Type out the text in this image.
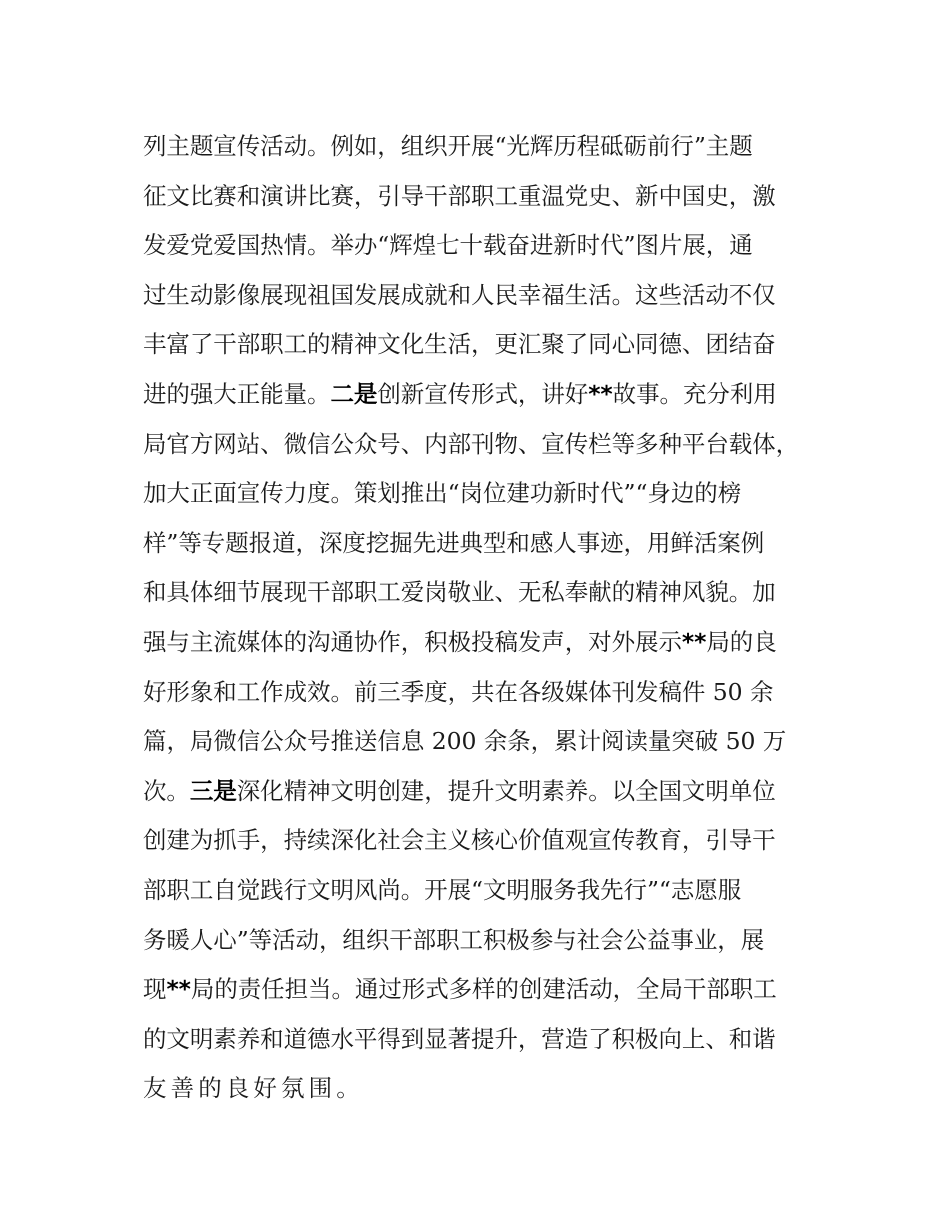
列主题宣传活动。例如，组织开展“光辉历程砥砺前行”主题
征文比赛和演讲比赛，引导干部职工重温党史、新中国史，激
发爱党爱国热情。举办“辉煌七十载奋进新时代”图片展，通
过生动影像展现祖国发展成就和人民幸福生活。这些活动不仅
丰富了干部职工的精神文化生活，更汇聚了同心同德、团结奋
进的强大正能量。二是创新宣传形式，讲好**故事。充分利用
局官方网站、微信公众号、内部刊物、宣传栏等多种平台载体，
加大正面宣传力度。策划推出“岗位建功新时代”“身边的榜
样”等专题报道，深度挖掘先进典型和感人事迹，用鲜活案例
和具体细节展现干部职工爱岗敬业、无私奉献的精神风貌。加
强与主流媒体的沟通协作，积极投稿发声，对外展示**局的良
好形象和工作成效。前三季度，共在各级媒体刊发稿件 50 余
篇，局微信公众号推送信息 200 余条，累计阅读量突破 50 万
次。三是深化精神文明创建，提升文明素养。以全国文明单位
创建为抓手，持续深化社会主义核心价值观宣传教育，引导干
部职工自觉践行文明风尚。开展“文明服务我先行”“志愿服
务暖人心”等活动，组织干部职工积极参与社会公益事业，展
现**局的责任担当。通过形式多样的创建活动，全局干部职工
的文明素养和道德水平得到显著提升，营造了积极向上、和谐
友善的良好氛围。
